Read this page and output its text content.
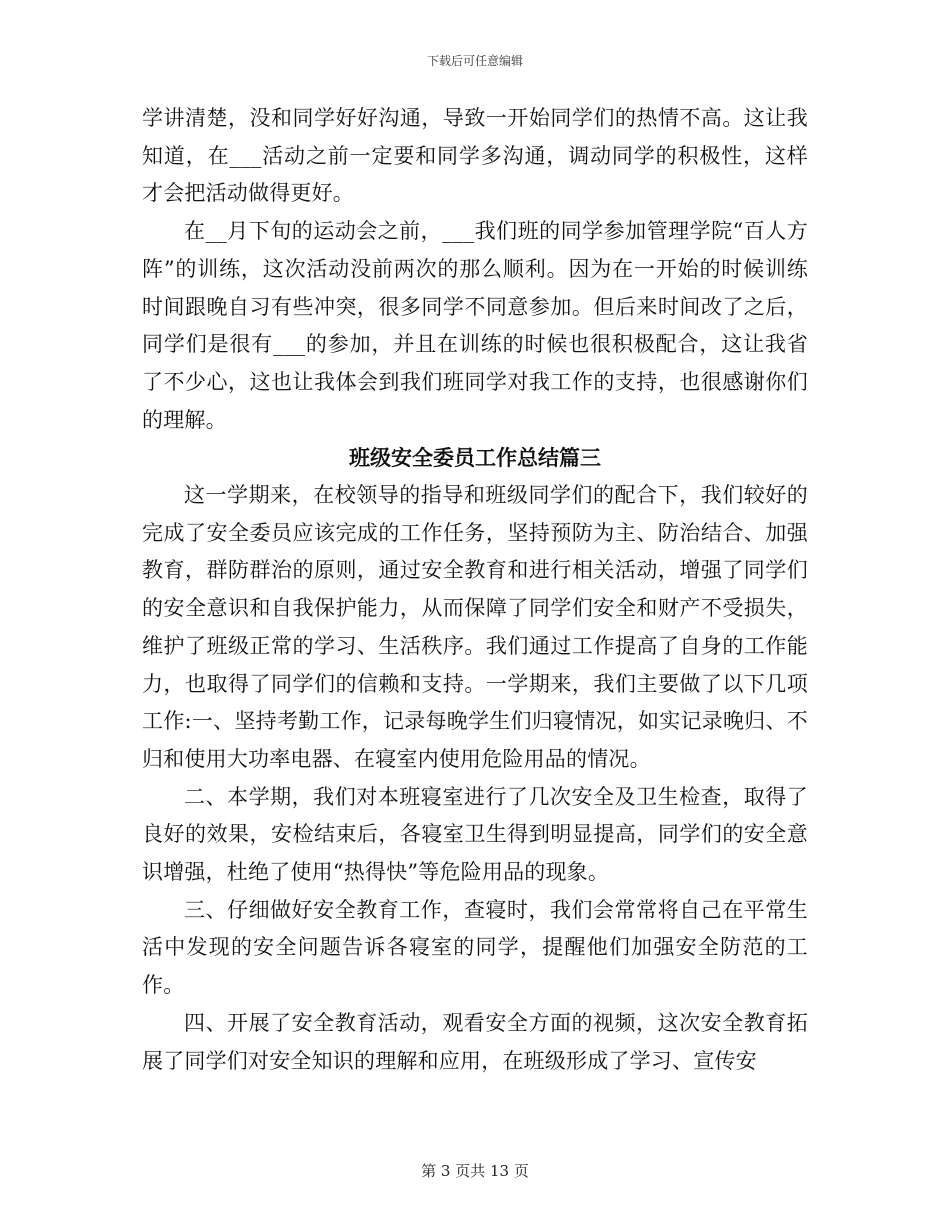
下载后可任意编辑

学讲清楚，没和同学好好沟通，导致一开始同学们的热情不高。这让我知道，在___活动之前一定要和同学多沟通，调动同学的积极性，这样才会把活动做得更好。

在__月下旬的运动会之前，___我们班的同学参加管理学院“百人方阵”的训练，这次活动没前两次的那么顺利。因为在一开始的时候训练时间跟晚自习有些冲突，很多同学不同意参加。但后来时间改了之后，同学们是很有___的参加，并且在训练的时候也很积极配合，这让我省了不少心，这也让我体会到我们班同学对我工作的支持，也很感谢你们的理解。

班级安全委员工作总结篇三

这一学期来，在校领导的指导和班级同学们的配合下，我们较好的完成了安全委员应该完成的工作任务，坚持预防为主、防治结合、加强教育，群防群治的原则，通过安全教育和进行相关活动，增强了同学们的安全意识和自我保护能力，从而保障了同学们安全和财产不受损失，维护了班级正常的学习、生活秩序。我们通过工作提高了自身的工作能力，也取得了同学们的信赖和支持。一学期来，我们主要做了以下几项工作:一、坚持考勤工作，记录每晚学生们归寝情况，如实记录晚归、不归和使用大功率电器、在寝室内使用危险用品的情况。

二、本学期，我们对本班寝室进行了几次安全及卫生检查，取得了良好的效果，安检结束后，各寝室卫生得到明显提高，同学们的安全意识增强，杜绝了使用“热得快”等危险用品的现象。

三、仔细做好安全教育工作，查寝时，我们会常常将自己在平常生活中发现的安全问题告诉各寝室的同学，提醒他们加强安全防范的工作。

四、开展了安全教育活动，观看安全方面的视频，这次安全教育拓展了同学们对安全知识的理解和应用，在班级形成了学习、宣传安

第 3 页共 13 页
